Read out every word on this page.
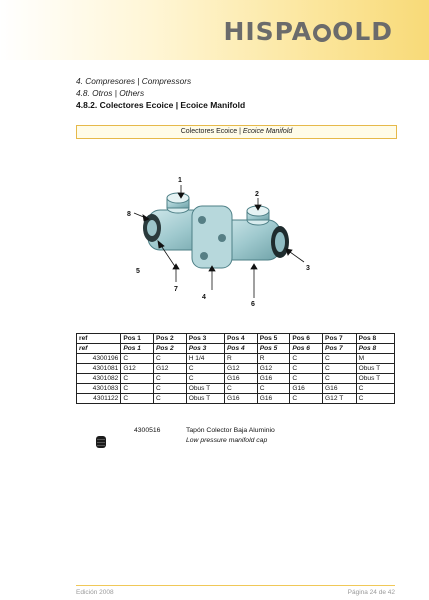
HISPA OLD
4. Compresores | Compressors
4.8. Otros | Others
4.8.2. Colectores Ecoice | Ecoice Manifold
Colectores Ecoice | Ecoice Manifold
1
2
3
4
5
6
7
8
ref	Pos 1	Pos 2	Pos 3	Pos 4	Pos 5	Pos 6	Pos 7	Pos 8
ref	Pos 1	Pos 2	Pos 3	Pos 4	Pos 5	Pos 6	Pos 7	Pos 8
4300196	C	C	H 1/4	R	R	C	C	M
4301081	G12	G12	C	G12	G12	C	C	Obus T
4301082	C	C	C	G16	G16	C	C	Obus T
4301083	C	C	Obus T	C	C	G16	G16	C
4301122	C	C	Obus T	G16	G16	C	G12 T	C
4300516	Tapón Colector Baja Aluminio
Low pressure manifold cap
Edición 2008	Página 24 de 42
